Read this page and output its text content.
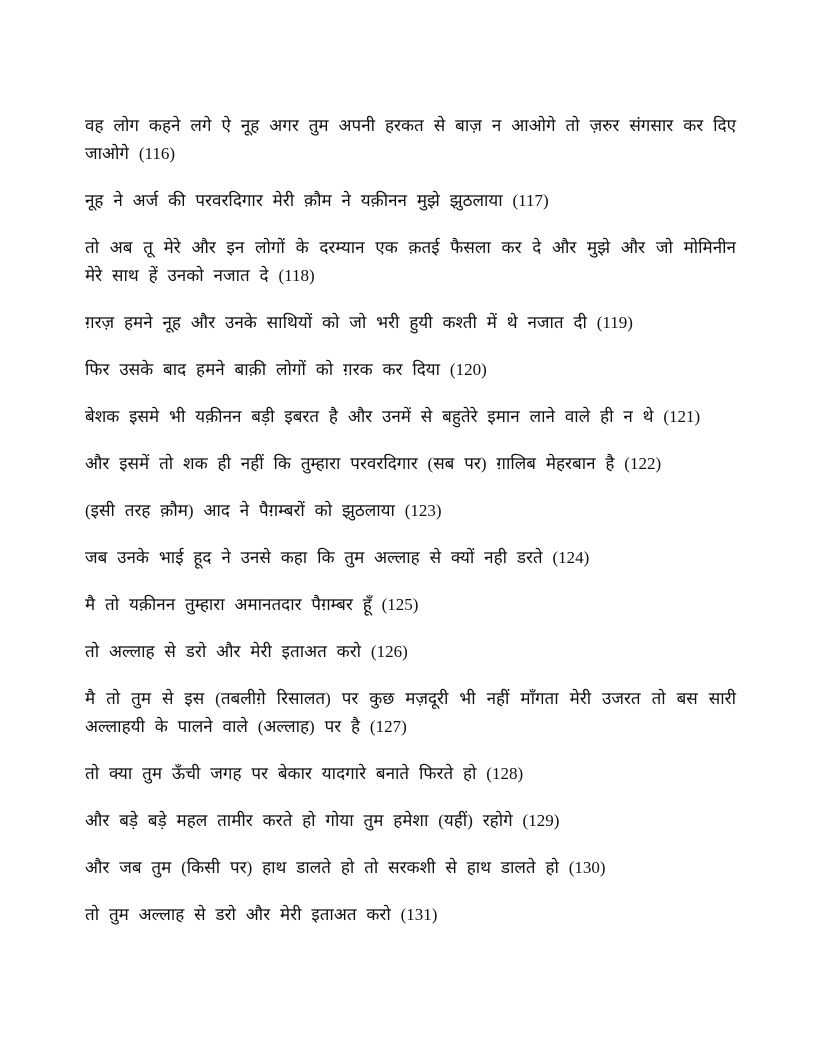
वह लोग कहने लगे ऐ नूह अगर तुम अपनी हरकत से बाज़ न आओगे तो ज़रुर संगसार कर दिए जाओगे (116)

नूह ने अर्ज की परवरदिगार मेरी क़ौम ने यक़ीनन मुझे झुठलाया (117)

तो अब तू मेरे और इन लोगों के दरम्यान एक क़तई फैसला कर दे और मुझे और जो मोमिनीन मेरे साथ हें उनको नजात दे (118)

ग़रज़ हमने नूह और उनके साथियों को जो भरी हुयी कश्ती में थे नजात दी (119)

फिर उसके बाद हमने बाक़ी लोगों को ग़रक कर दिया (120)

बेशक इसमे भी यक़ीनन बड़ी इबरत है और उनमें से बहुतेरे इमान लाने वाले ही न थे (121)

और इसमें तो शक ही नहीं कि तुम्हारा परवरदिगार (सब पर) ग़ालिब मेहरबान है (122)

(इसी तरह क़ौम) आद ने पैग़म्बरों को झुठलाया (123)

जब उनके भाई हूद ने उनसे कहा कि तुम अल्लाह से क्यों नही डरते (124)

मै तो यक़ीनन तुम्हारा अमानतदार पैग़म्बर हूँ (125)

तो अल्लाह से डरो और मेरी इताअत करो (126)

मै तो तुम से इस (तबलीग़े रिसालत) पर कुछ मज़दूरी भी नहीं माँगता मेरी उजरत तो बस सारी अल्लाहयी के पालने वाले (अल्लाह) पर है (127)

तो क्या तुम ऊँची जगह पर बेकार यादगारे बनाते फिरते हो (128)

और बड़े बड़े महल तामीर करते हो गोया तुम हमेशा (यहीं) रहोगे (129)

और जब तुम (किसी पर) हाथ डालते हो तो सरकशी से हाथ डालते हो (130)

तो तुम अल्लाह से डरो और मेरी इताअत करो (131)
